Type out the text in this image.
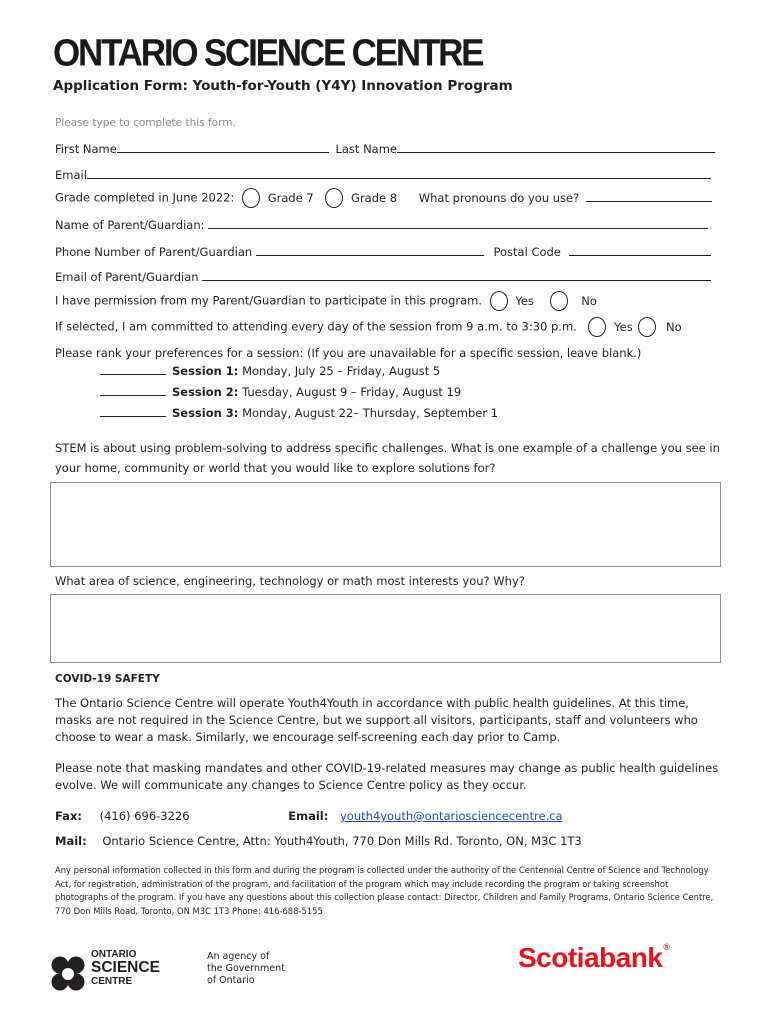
ONTARIO SCIENCE CENTRE
Application Form: Youth-for-Youth (Y4Y) Innovation Program
Please type to complete this form.
First Name	Last Name
Email
Grade completed in June 2022:	Grade 7	Grade 8 What pronouns do you use?
Name of Parent/Guardian:
Phone Number of Parent/Guardian	Postal Code
Email of Parent/Guardian
I have permission from my Parent/Guardian to participate in this program.	Yes	No
If selected, I am committed to attending every day of the session from 9 a.m. to 3:30 p.m.	Yes	No
Please rank your preferences for a session: (If you are unavailable for a specific session, leave blank.)
Session 1: Monday, July 25 – Friday, August 5
Session 2: Tuesday, August 9 – Friday, August 19
Session 3: Monday, August 22– Thursday, September 1
STEM is about using problem-solving to address specific challenges. What is one example of a challenge you see in your home, community or world that you would like to explore solutions for?
What area of science, engineering, technology or math most interests you? Why?
COVID-19 SAFETY
The Ontario Science Centre will operate Youth4Youth in accordance with public health guidelines. At this time, masks are not required in the Science Centre, but we support all visitors, participants, staff and volunteers who choose to wear a mask. Similarly, we encourage self-screening each day prior to Camp.
Please note that masking mandates and other COVID-19-related measures may change as public health guidelines evolve. We will communicate any changes to Science Centre policy as they occur.
Fax: (416) 696-3226	Email: youth4youth@ontariosciencecentre.ca
Mail: Ontario Science Centre, Attn: Youth4Youth, 770 Don Mills Rd. Toronto, ON, M3C 1T3
Any personal information collected in this form and during the program is collected under the authority of the Centennial Centre of Science and Technology Act, for registration, administration of the program, and facilitation of the program which may include recording the program or taking screenshot photographs of the program. If you have any questions about this collection please contact: Director, Children and Family Programs, Ontario Science Centre, 770 Don Mills Road, Toronto, ON M3C 1T3 Phone: 416-688-5155
ONTARIO
SCIENCE
CENTRE
An agency of
the Government
of Ontario
Scotiabank®
